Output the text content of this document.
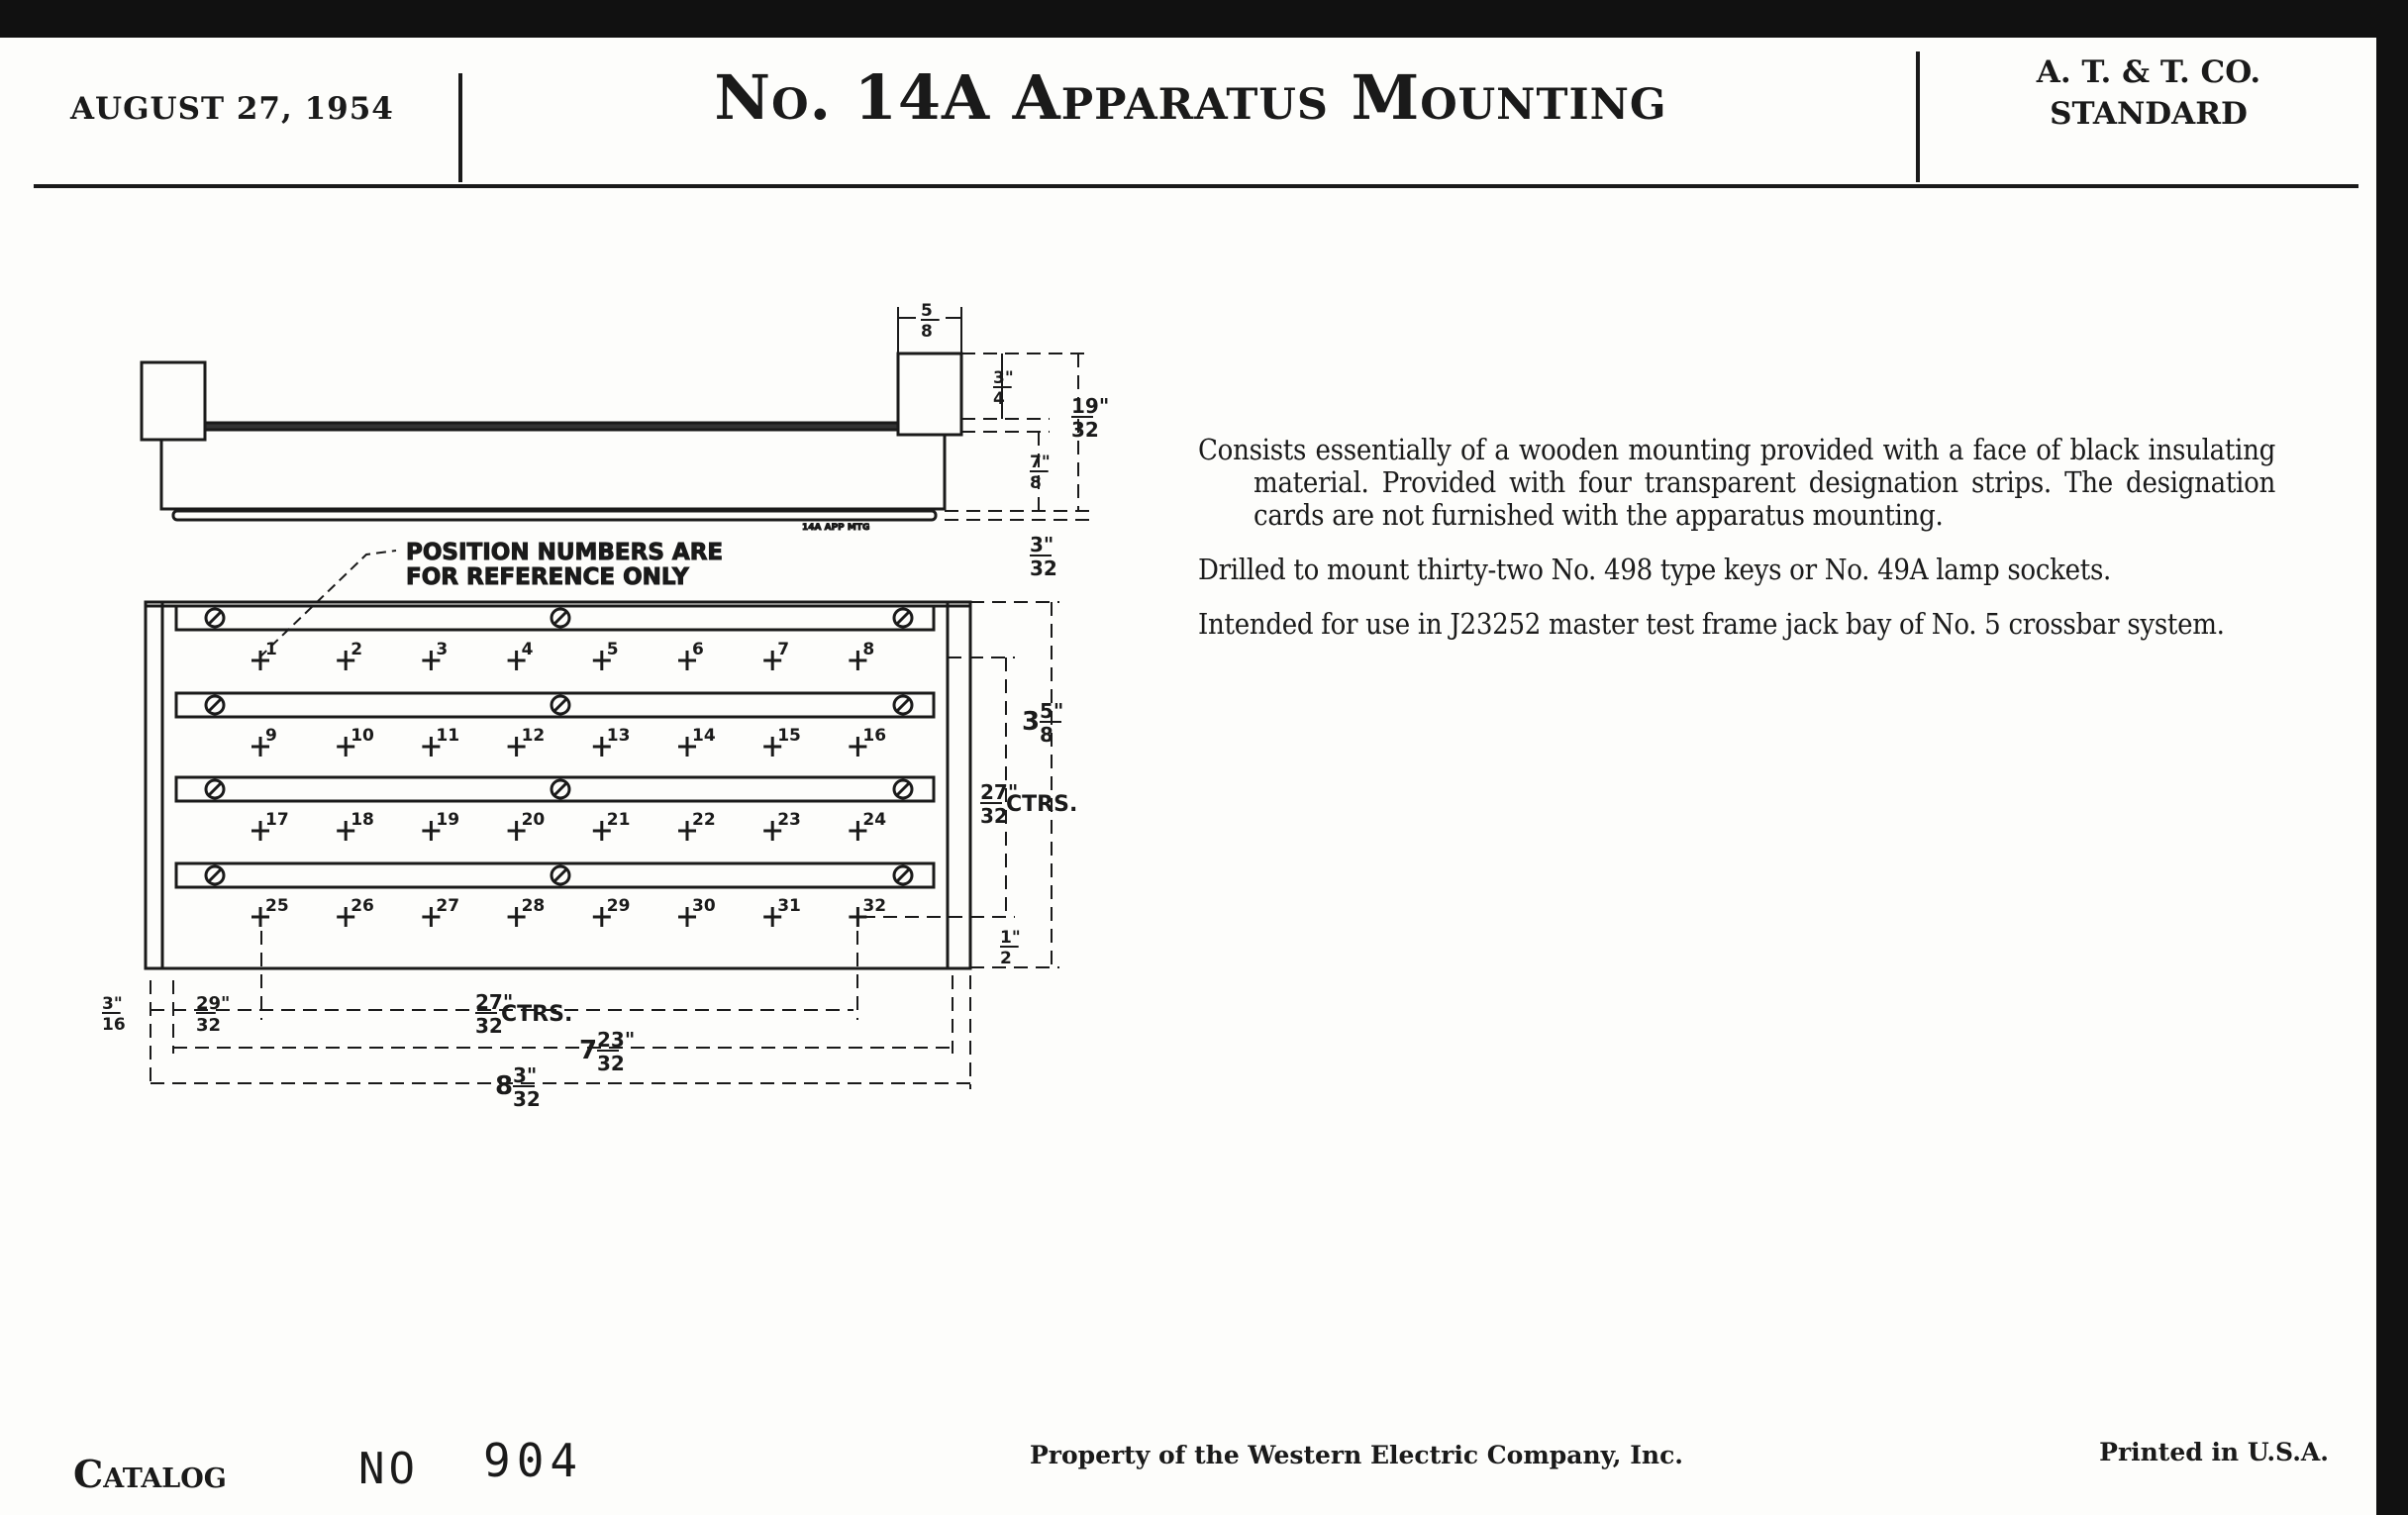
AUGUST 27, 1954	No. 14A Apparatus Mounting	A. T. & T. CO.
STANDARD

Consists essentially of a wooden mounting provided with a face of black insulating material. Provided with four transparent designation strips. The designation cards are not furnished with the apparatus mounting.

Drilled to mount thirty-two No. 498 type keys or No. 49A lamp sockets.

Intended for use in J23252 master test frame jack bay of No. 5 crossbar system.

14A APP MTG
1	2	3	4	5	6	7	8
9	10	11	12	13	14	15	16
17	18	19	20	21	22	23	24
25	26	27	28	29	30	31	32
POSITION NUMBERS ARE
FOR REFERENCE ONLY
5
8
3"
4	19"
32
7"
8
3"
32
3 5"
8
27"
32
CTRS.
1"
2
3"
16
29"
32
27"
32
CTRS.
7 23"
32
8 3"
32
Catalog	NO 904	Property of the Western Electric Company, Inc.	Printed in U.S.A.
